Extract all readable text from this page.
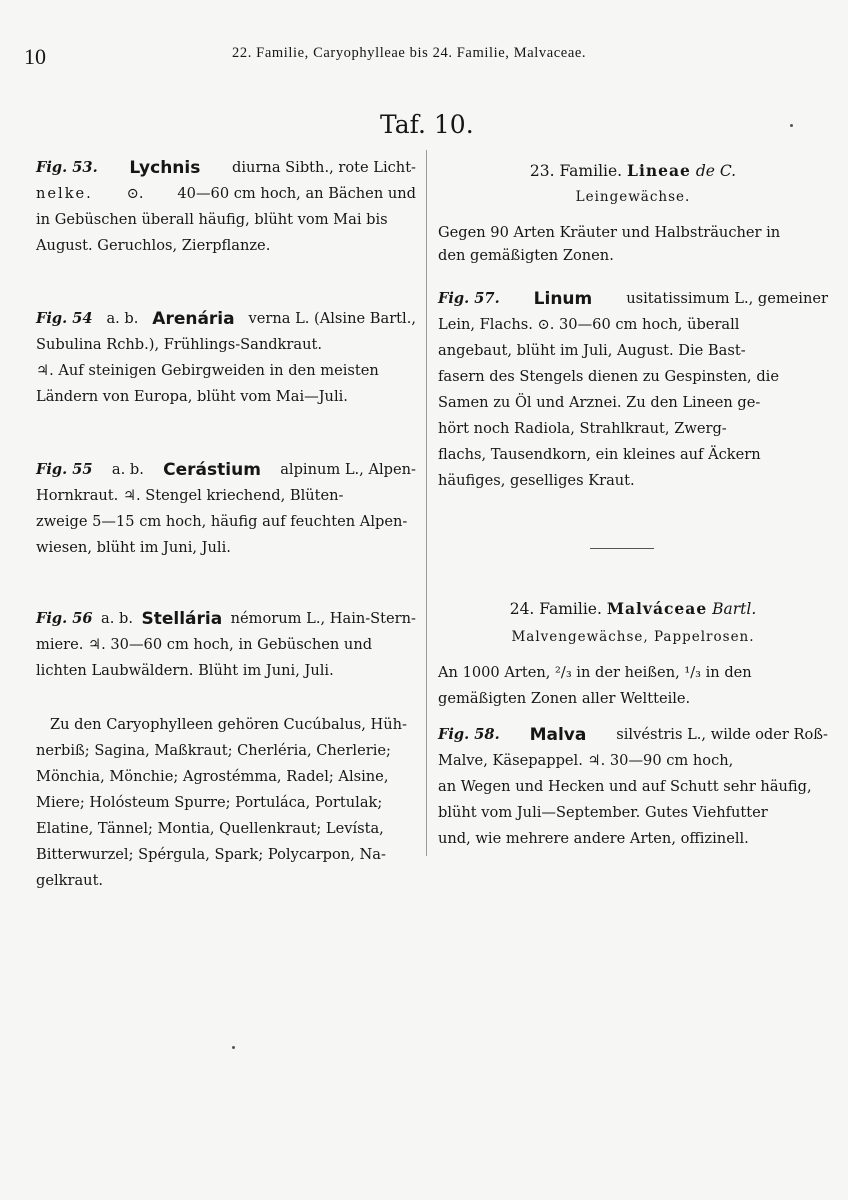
10	22. Familie, Caryophylleae bis 24. Familie, Malvaceae.
Taf. 10.
Fig. 53. Lychnis diurna Sibth., rote Licht-
nelke. ⊙. 40—60 cm hoch, an Bächen und
in Gebüschen überall häufig, blüht vom Mai bis
August. Geruchlos, Zierpflanze.
Fig. 54 a. b. Arenária verna L. (Alsine Bartl.,
Subulina Rchb.), Frühlings-Sandkraut.
♃. Auf steinigen Gebirgweiden in den meisten
Ländern von Europa, blüht vom Mai—Juli.
Fig. 55 a. b. Cerástium alpinum L., Alpen-
Hornkraut. ♃. Stengel kriechend, Blüten-
zweige 5—15 cm hoch, häufig auf feuchten Alpen-
wiesen, blüht im Juni, Juli.
Fig. 56 a. b. Stellária némorum L., Hain-Stern-
miere. ♃. 30—60 cm hoch, in Gebüschen und
lichten Laubwäldern. Blüht im Juni, Juli.
Zu den Caryophylleen gehören Cucúbalus, Hüh-
nerbiß; Sagina, Maßkraut; Cherléria, Cherlerie;
Mönchia, Mönchie; Agrostémma, Radel; Alsine,
Miere; Holósteum Spurre; Portuláca, Portulak;
Elatine, Tännel; Montia, Quellenkraut; Levísta,
Bitterwurzel; Spérgula, Spark; Polycarpon, Na-
gelkraut.
23. Familie. Lineae de C.
Leingewächse.
Gegen 90 Arten Kräuter und Halbsträucher in
den gemäßigten Zonen.
Fig. 57. Linum usitatissimum L., gemeiner
Lein, Flachs. ⊙. 30—60 cm hoch, überall
angebaut, blüht im Juli, August. Die Bast-
fasern des Stengels dienen zu Gespinsten, die
Samen zu Öl und Arznei. Zu den Lineen ge-
hört noch Radiola, Strahlkraut, Zwerg-
flachs, Tausendkorn, ein kleines auf Äckern
häufiges, geselliges Kraut.
24. Familie. Malváceae Bartl.
Malvengewächse, Pappelrosen.
An 1000 Arten, ²/₃ in der heißen, ¹/₃ in den
gemäßigten Zonen aller Weltteile.
Fig. 58. Malva silvéstris L., wilde oder Roß-
Malve, Käsepappel. ♃. 30—90 cm hoch,
an Wegen und Hecken und auf Schutt sehr häufig,
blüht vom Juli—September. Gutes Viehfutter
und, wie mehrere andere Arten, offizinell.
